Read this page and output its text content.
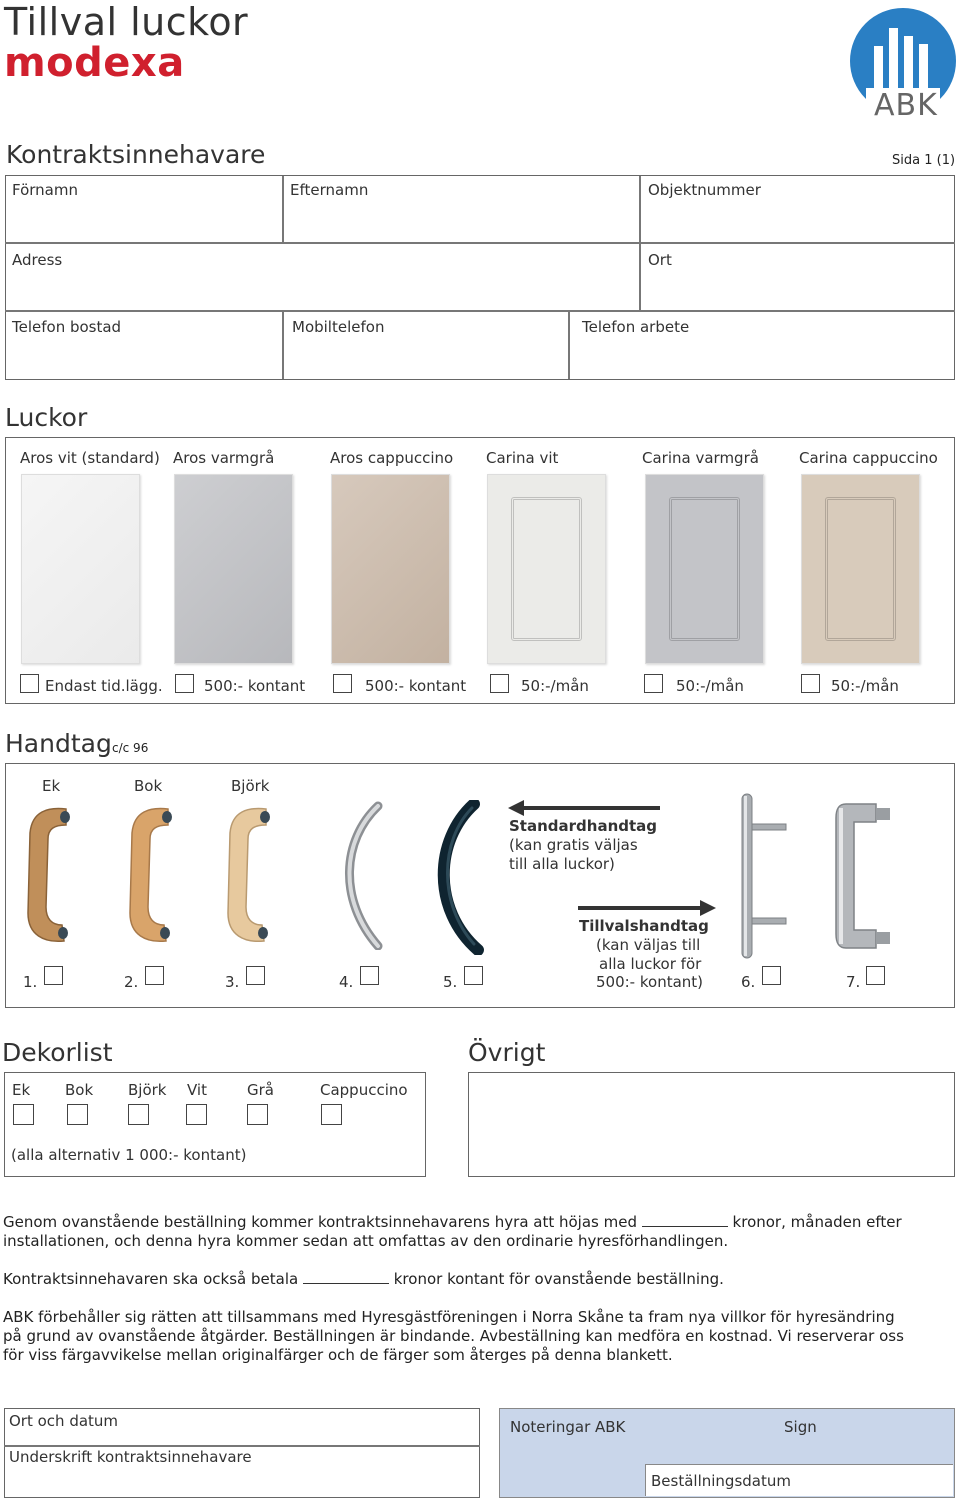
Tillval luckor
modexa
ABK
Kontraktsinnehavare	Sida 1 (1)
Förnamn	Efternamn	Objektnummer
Adress	Ort
Telefon bostad	Mobiltelefon	Telefon arbete
Luckor
Aros vit (standard)
Endast tid.lägg.
Aros varmgrå
500:- kontant
Aros cappuccino
500:- kontant
Carina vit
50:-/mån
Carina varmgrå
50:-/mån
Carina cappuccino
50:-/mån
Handtag c/c 96
Ek	Bok	Björk
Standardhandtag
(kan gratis väljas
till alla luckor)
Tillvalshandtag
(kan väljas till
alla luckor för
500:- kontant)
1.	2.	3.	4.	5.	6.	7.
Dekorlist
Ek Bok Björk Vit	Grå	Cappuccino
(alla alternativ 1 000:- kontant)
Övrigt
Genom ovanstående beställning kommer kontraktsinnehavarens hyra att höjas med	kronor, månaden efter
installationen, och denna hyra kommer sedan att omfattas av den ordinarie hyresförhandlingen.
Kontraktsinnehavaren ska också betala	kronor kontant för ovanstående beställning.
ABK förbehåller sig rätten att tillsammans med Hyresgästföreningen i Norra Skåne ta fram nya villkor för hyresändring
på grund av ovanstående åtgärder. Beställningen är bindande. Avbeställning kan medföra en kostnad. Vi reserverar oss
för viss färgavvikelse mellan originalfärger och de färger som återges på denna blankett.
Ort och datum
Underskrift kontraktsinnehavare
Noteringar ABK	Sign
Beställningsdatum
